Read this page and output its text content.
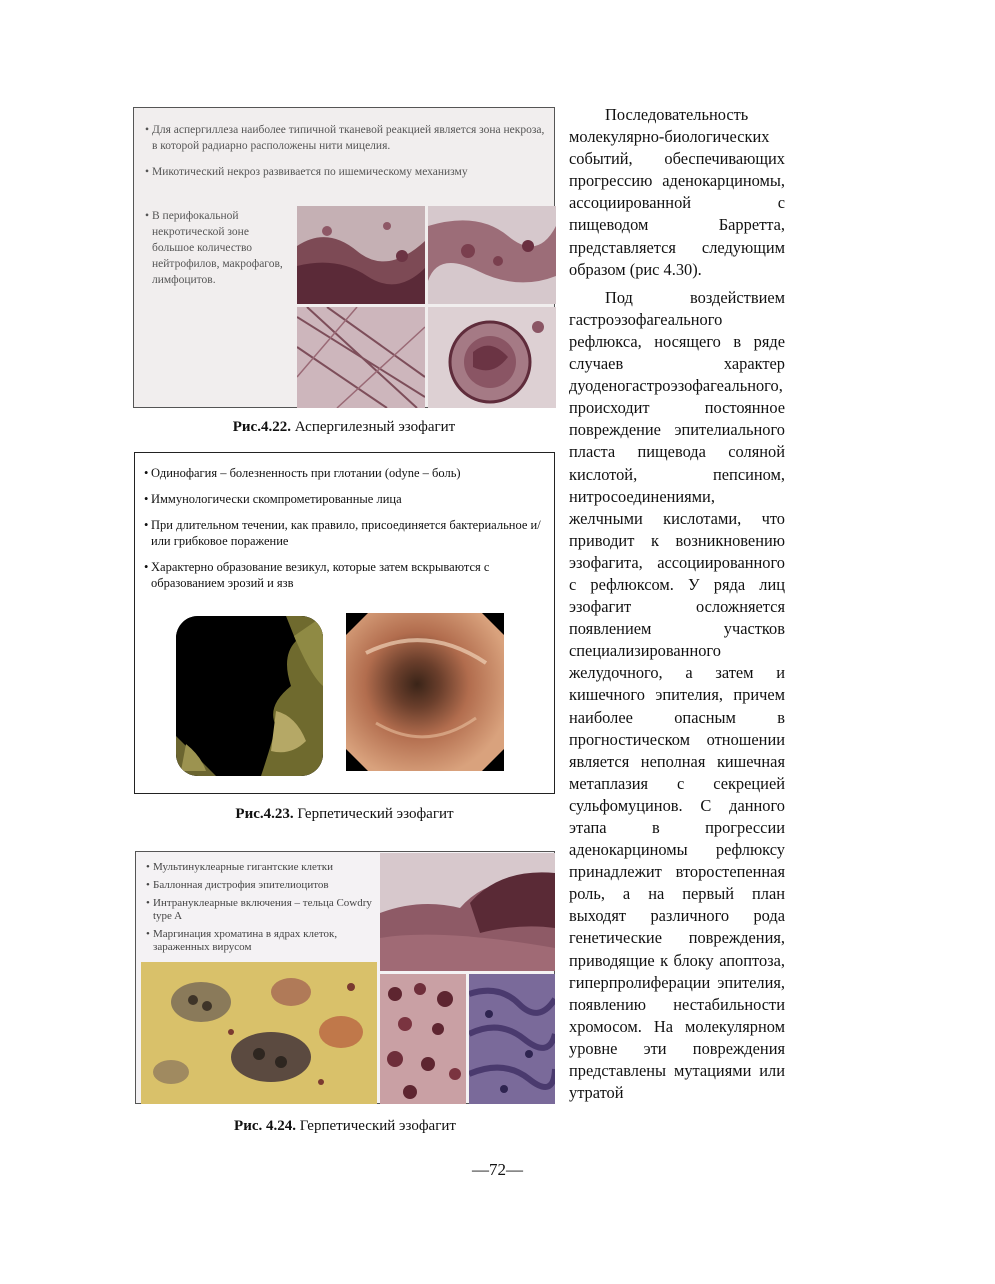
• Для аспергиллеза наиболее типичной тканевой реакцией является зона некроза, в которой радиарно расположены нити мицелия.
• Микотический некроз развивается по ишемическому механизму
• В перифокальной некротической зоне большое количество нейтрофилов, макрофагов, лимфоцитов.
Рис.4.22. Аспергилезный эзофагит
• Одинофагия – болезненность при глотании (odyne – боль)
• Иммунологически скомпрометированные лица
• При длительном течении, как правило, присоединяется бактериальное и/или грибковое поражение
• Характерно образование везикул, которые затем вскрываются с образованием эрозий и язв
Рис.4.23. Герпетический эзофагит
• Мультинуклеарные гигантские клетки
• Баллонная дистрофия эпителиоцитов
• Интрануклеарные включения – тельца Cowdry type A
• Маргинация хроматина в ядрах клеток, зараженных вирусом
Рис. 4.24. Герпетический эзофагит

Последовательность молекулярно-биологических событий, обеспечивающих прогрессию аденокарциномы, ассоциированной с пищеводом Барретта, представляется следующим образом (рис 4.30).

Под воздействием гастроэзофагеального рефлюкса, носящего в ряде случаев характер дуоденогастроэзофагеального, происходит постоянное повреждение эпителиального пласта пищевода соляной кислотой, пепсином, нитросоединениями, желчными кислотами, что приводит к возникновению эзофагита, ассоциированного с рефлюксом. У ряда лиц эзофагит осложняется появлением участков специализированного желудочного, а затем и кишечного эпителия, причем наиболее опасным в прогностическом отношении является неполная кишечная метаплазия с секрецией сульфомуцинов. С данного этапа в прогрессии аденокарциномы рефлюксу принадлежит второстепенная роль, а на первый план выходят различного рода генетические повреждения, приводящие к блоку апоптоза, гиперпролиферации эпителия, появлению нестабильности хромосом. На молекулярном уровне эти повреждения представлены мутациями или утратой

—72—
